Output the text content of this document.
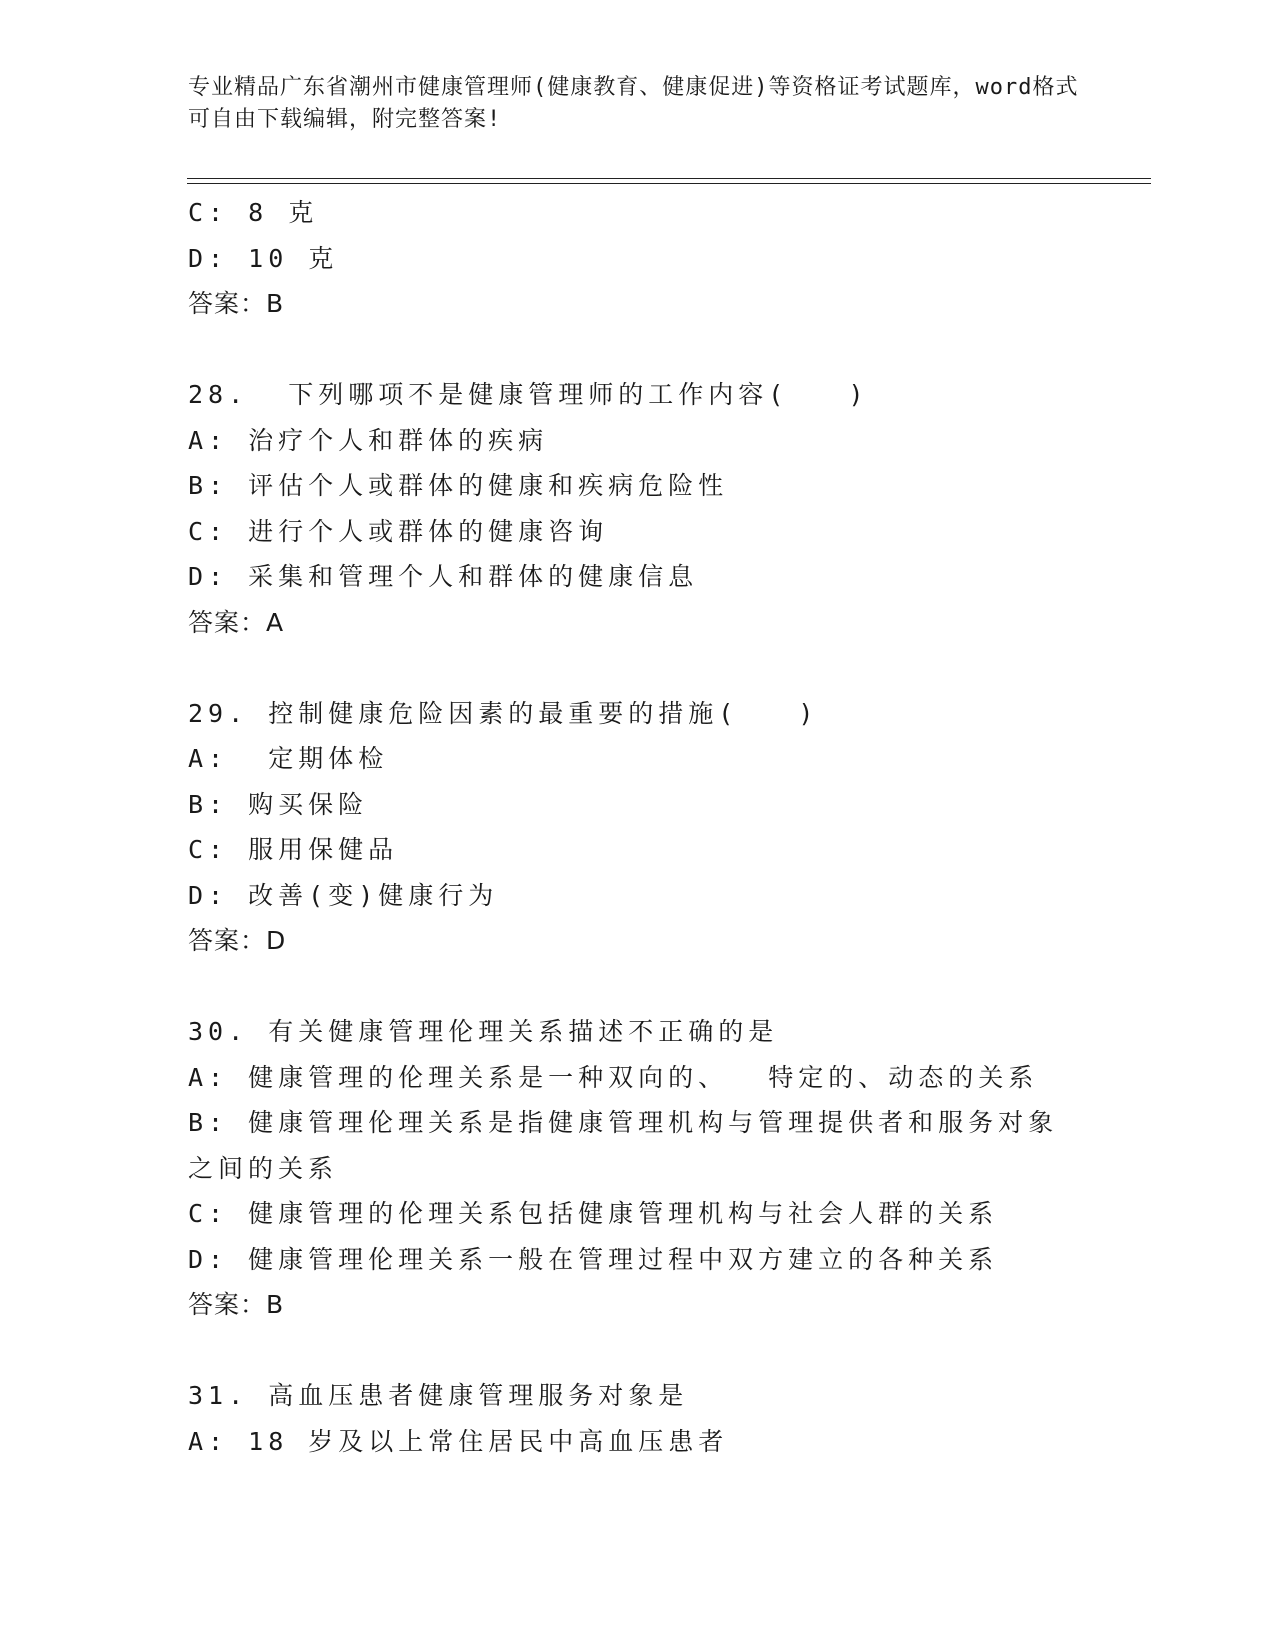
专业精品广东省潮州市健康管理师(健康教育、健康促进)等资格证考试题库，word格式可自由下载编辑，附完整答案!

C: 8 克

D: 10 克

答案：B

28.  下列哪项不是健康管理师的工作内容(   )

A: 治疗个人和群体的疾病

B: 评估个人或群体的健康和疾病危险性

C: 进行个人或群体的健康咨询

D: 采集和管理个人和群体的健康信息

答案：A

29. 控制健康危险因素的最重要的措施(   )

A:  定期体检

B: 购买保险

C: 服用保健品

D: 改善(变)健康行为

答案：D

30. 有关健康管理伦理关系描述不正确的是

A: 健康管理的伦理关系是一种双向的、  特定的、动态的关系

B: 健康管理伦理关系是指健康管理机构与管理提供者和服务对象之间的关系

C: 健康管理的伦理关系包括健康管理机构与社会人群的关系

D: 健康管理伦理关系一般在管理过程中双方建立的各种关系

答案：B

31. 高血压患者健康管理服务对象是

A: 18 岁及以上常住居民中高血压患者
